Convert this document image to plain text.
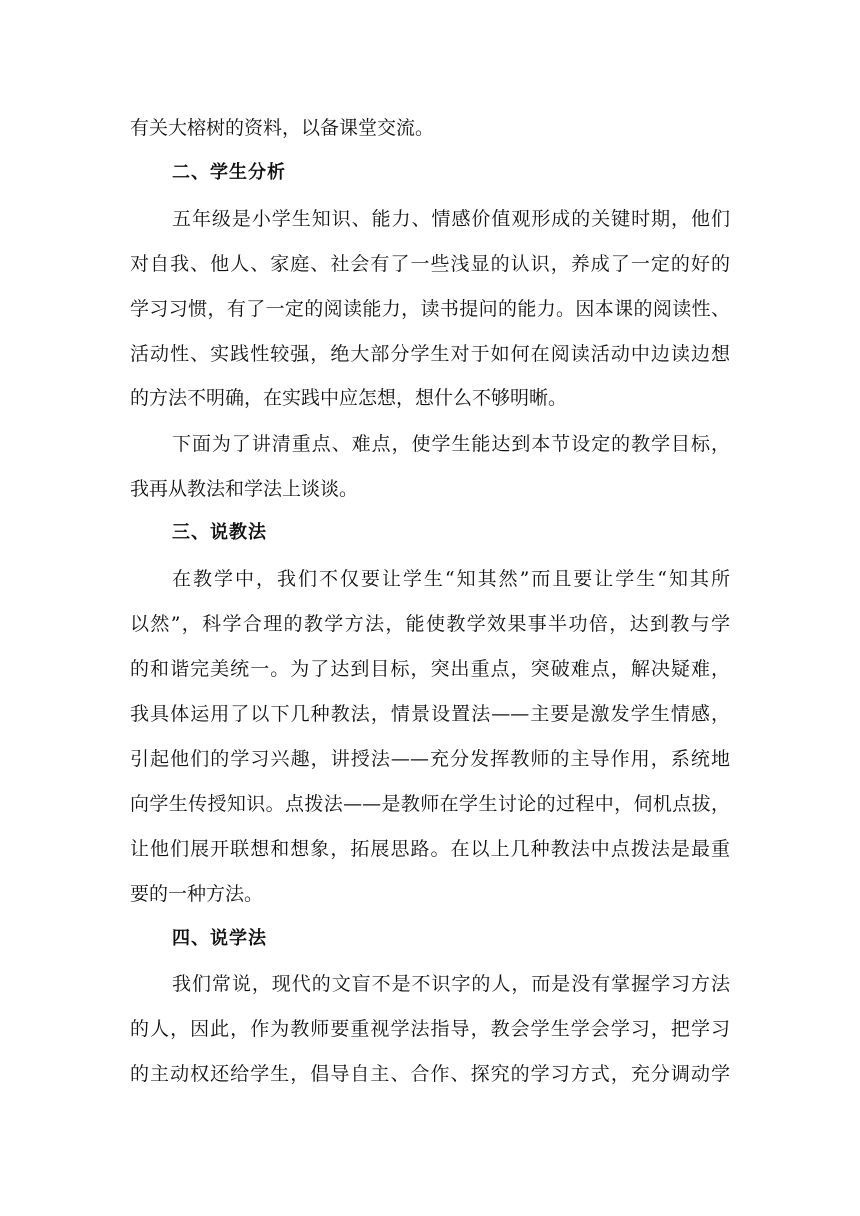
有关大榕树的资料，以备课堂交流。
二、学生分析
五年级是小学生知识、能力、情感价值观形成的关键时期，他们
对自我、他人、家庭、社会有了一些浅显的认识，养成了一定的好的
学习习惯，有了一定的阅读能力，读书提问的能力。因本课的阅读性、
活动性、实践性较强，绝大部分学生对于如何在阅读活动中边读边想
的方法不明确，在实践中应怎想，想什么不够明晰。
下面为了讲清重点、难点，使学生能达到本节设定的教学目标，
我再从教法和学法上谈谈。
三、说教法
在教学中，我们不仅要让学生“知其然”而且要让学生“知其所
以然”，科学合理的教学方法，能使教学效果事半功倍，达到教与学
的和谐完美统一。为了达到目标，突出重点，突破难点，解决疑难，
我具体运用了以下几种教法，情景设置法——主要是激发学生情感，
引起他们的学习兴趣，讲授法——充分发挥教师的主导作用，系统地
向学生传授知识。点拨法——是教师在学生讨论的过程中，伺机点拔，
让他们展开联想和想象，拓展思路。在以上几种教法中点拨法是最重
要的一种方法。
四、说学法
我们常说，现代的文盲不是不识字的人，而是没有掌握学习方法
的人，因此，作为教师要重视学法指导，教会学生学会学习，把学习
的主动权还给学生，倡导自主、合作、探究的学习方式，充分调动学
